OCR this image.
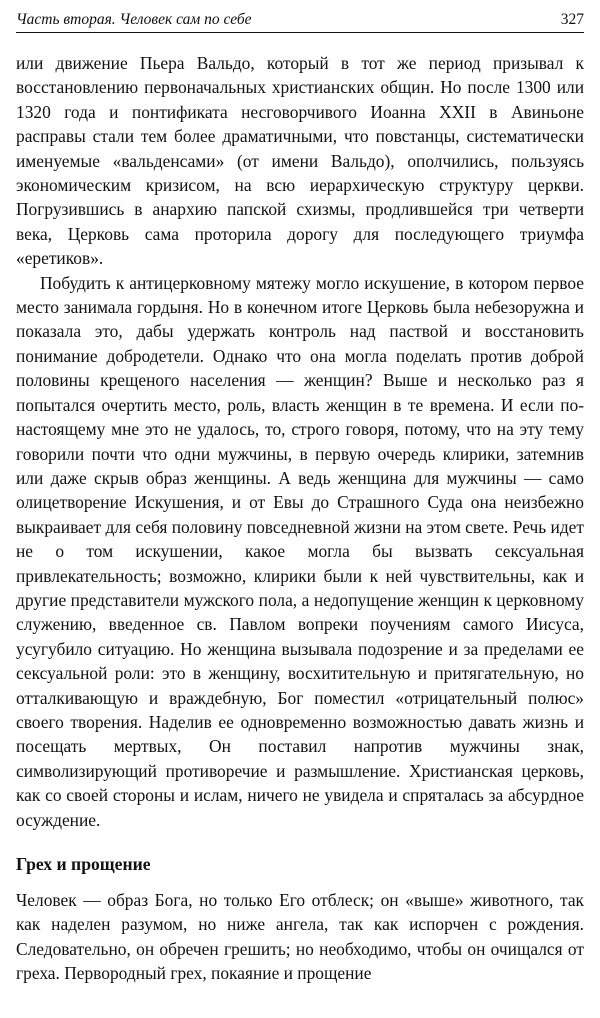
Часть вторая. Человек сам по себе	327

или движение Пьера Вальдо, который в тот же период призывал к восстановлению первоначальных христианских общин. Но после 1300 или 1320 года и понтификата несговорчивого Иоанна XXII в Авиньоне расправы стали тем более драматичными, что повстанцы, систематически именуемые «вальденсами» (от имени Вальдо), ополчились, пользуясь экономическим кризисом, на всю иерархическую структуру церкви. Погрузившись в анархию папской схизмы, продлившейся три четверти века, Церковь сама проторила дорогу для последующего триумфа «еретиков».

Побудить к антицерковному мятежу могло искушение, в котором первое место занимала гордыня. Но в конечном итоге Церковь была небезоружна и показала это, дабы удержать контроль над паствой и восстановить понимание добродетели. Однако что она могла поделать против доброй половины крещеного населения — женщин? Выше и несколько раз я попытался очертить место, роль, власть женщин в те времена. И если по-настоящему мне это не удалось, то, строго говоря, потому, что на эту тему говорили почти что одни мужчины, в первую очередь клирики, затемнив или даже скрыв образ женщины. А ведь женщина для мужчины — само олицетворение Искушения, и от Евы до Страшного Суда она неизбежно выкраивает для себя половину повседневной жизни на этом свете. Речь идет не о том искушении, какое могла бы вызвать сексуальная привлекательность; возможно, клирики были к ней чувствительны, как и другие представители мужского пола, а недопущение женщин к церковному служению, введенное св. Павлом вопреки поучениям самого Иисуса, усугубило ситуацию. Но женщина вызывала подозрение и за пределами ее сексуальной роли: это в женщину, восхитительную и притягательную, но отталкивающую и враждебную, Бог поместил «отрицательный полюс» своего творения. Наделив ее одновременно возможностью давать жизнь и посещать мертвых, Он поставил напротив мужчины знак, символизирующий противоречие и размышление. Христианская церковь, как со своей стороны и ислам, ничего не увидела и спряталась за абсурдное осуждение.

Грех и прощение

Человек — образ Бога, но только Его отблеск; он «выше» животного, так как наделен разумом, но ниже ангела, так как испорчен с рождения. Следовательно, он обречен грешить; но необходимо, чтобы он очищался от греха. Первородный грех, покаяние и прощение
